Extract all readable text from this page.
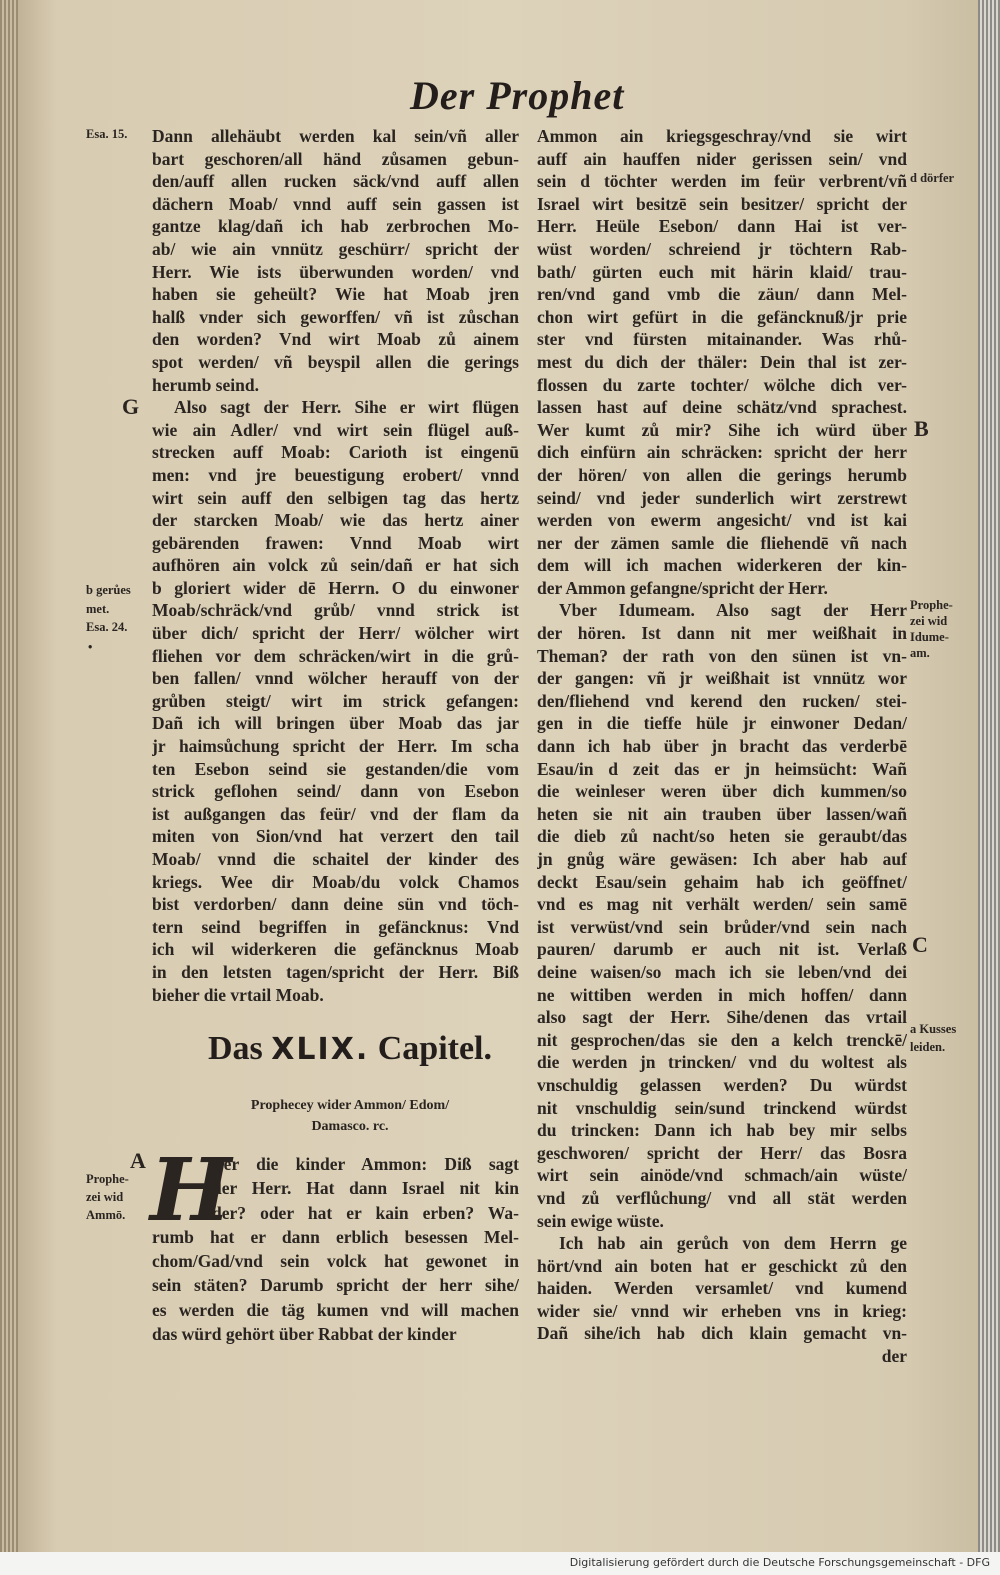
Der Prophet
Dann allehäubt werden kal sein/vñ aller
bart geschoren/all händ zůsamen gebun-
den/auff allen rucken säck/vnd auff allen
dächern Moab/ vnnd auff sein gassen ist
gantze klag/dañ ich hab zerbrochen Mo-
ab/ wie ain vnnütz geschürr/ spricht der
Herr. Wie ists überwunden worden/ vnd
haben sie geheült? Wie hat Moab jren
halß vnder sich geworffen/ vñ ist zůschan
den worden? Vnd wirt Moab zů ainem
spot werden/ vñ beyspil allen die gerings
herumb seind.
Also sagt der Herr. Sihe er wirt flügen
wie ain Adler/ vnd wirt sein flügel auß-
strecken auff Moab: Carioth ist eingenū
men: vnd jre beuestigung erobert/ vnnd
wirt sein auff den selbigen tag das hertz
der starcken Moab/ wie das hertz ainer
gebärenden frawen: Vnnd Moab wirt
aufhören ain volck zů sein/dañ er hat sich
b gloriert wider dē Herrn. O du einwoner
Moab/schräck/vnd grůb/ vnnd strick ist
über dich/ spricht der Herr/ wölcher wirt
fliehen vor dem schräcken/wirt in die grů-
ben fallen/ vnnd wölcher herauff von der
grůben steigt/ wirt im strick gefangen:
Dañ ich will bringen über Moab das jar
jr haimsůchung spricht der Herr. Im scha
ten Esebon seind sie gestanden/die vom
strick geflohen seind/ dann von Esebon
ist außgangen das feür/ vnd der flam da
miten von Sion/vnd hat verzert den tail
Moab/ vnnd die schaitel der kinder des
kriegs. Wee dir Moab/du volck Chamos
bist verdorben/ dann deine sün vnd töch-
tern seind begriffen in gefäncknus: Vnd
ich wil widerkeren die gefäncknus Moab
in den letsten tagen/spricht der Herr. Biß
bieher die vrtail Moab.
Ammon ain kriegsgeschray/vnd sie wirt
auff ain hauffen nider gerissen sein/ vnd
sein d töchter werden im feür verbrent/vñ
Israel wirt besitzē sein besitzer/ spricht der
Herr. Heüle Esebon/ dann Hai ist ver-
wüst worden/ schreiend jr töchtern Rab-
bath/ gürten euch mit härin klaid/ trau-
ren/vnd gand vmb die zäun/ dann Mel-
chon wirt gefürt in die gefäncknuß/jr prie
ster vnd fürsten mitainander. Was rhů-
mest du dich der thäler: Dein thal ist zer-
flossen du zarte tochter/ wölche dich ver-
lassen hast auf deine schätz/vnd sprachest.
Wer kumt zů mir? Sihe ich würd über
dich einfürn ain schräcken: spricht der herr
der hören/ von allen die gerings herumb
seind/ vnd jeder sunderlich wirt zerstrewt
werden von ewerm angesicht/ vnd ist kai
ner der zämen samle die fliehendē vñ nach
dem will ich machen widerkeren der kin-
der Ammon gefangne/spricht der Herr.
Vber Idumeam. Also sagt der Herr
der hören. Ist dann nit mer weißhait in
Theman? der rath von den sünen ist vn-
der gangen: vñ jr weißhait ist vnnütz wor
den/fliehend vnd kerend den rucken/ stei-
gen in die tieffe hüle jr einwoner Dedan/
dann ich hab über jn bracht das verderbē
Esau/in d zeit das er jn heimsücht: Wañ
die weinleser weren über dich kummen/so
heten sie nit ain trauben über lassen/wañ
die dieb zů nacht/so heten sie geraubt/das
jn gnůg wäre gewäsen: Ich aber hab auf
deckt Esau/sein gehaim hab ich geöffnet/
vnd es mag nit verhält werden/ sein samē
ist verwüst/vnd sein brůder/vnd sein nach
pauren/ darumb er auch nit ist. Verlaß
deine waisen/so mach ich sie leben/vnd dei
ne wittiben werden in mich hoffen/ dann
also sagt der Herr. Sihe/denen das vrtail
nit gesprochen/das sie den a kelch trenckē/
die werden jn trincken/ vnd du woltest als
vnschuldig gelassen werden? Du würdst
nit vnschuldig sein/sund trinckend würdst
du trincken: Dann ich hab bey mir selbs
geschworen/ spricht der Herr/ das Bosra
wirt sein ainöde/vnd schmach/ain wüste/
vnd zů verflůchung/ vnd all stät werden
sein ewige wüste.
Ich hab ain gerůch von dem Herrn ge
hört/vnd ain boten hat er geschickt zů den
haiden. Werden versamlet/ vnd kumend
wider sie/ vnnd wir erheben vns in krieg:
Dañ sihe/ich hab dich klain gemacht vn-
der
Das XLIX. Capitel.
Prophecey wider Ammon/ Edom/
Damasco. rc.
H
Ber die kinder Ammon: Diß sagt
der Herr. Hat dann Israel nit kin
der? oder hat er kain erben? Wa-
rumb hat er dann erblich besessen Mel-
chom/Gad/vnd sein volck hat gewonet in
sein stäten? Darumb spricht der herr sihe/
es werden die täg kumen vnd will machen
das würd gehört über Rabbat der kinder
Esa. 15.
G
b gerůes
met.
Esa. 24.
•
A
Prophe-
zei wid
Ammō.
d dörfer
B
Prophe-
zei wid
Idume-
am.
C
a Kusses
leiden.
Digitalisierung gefördert durch die Deutsche Forschungsgemeinschaft - DFG
